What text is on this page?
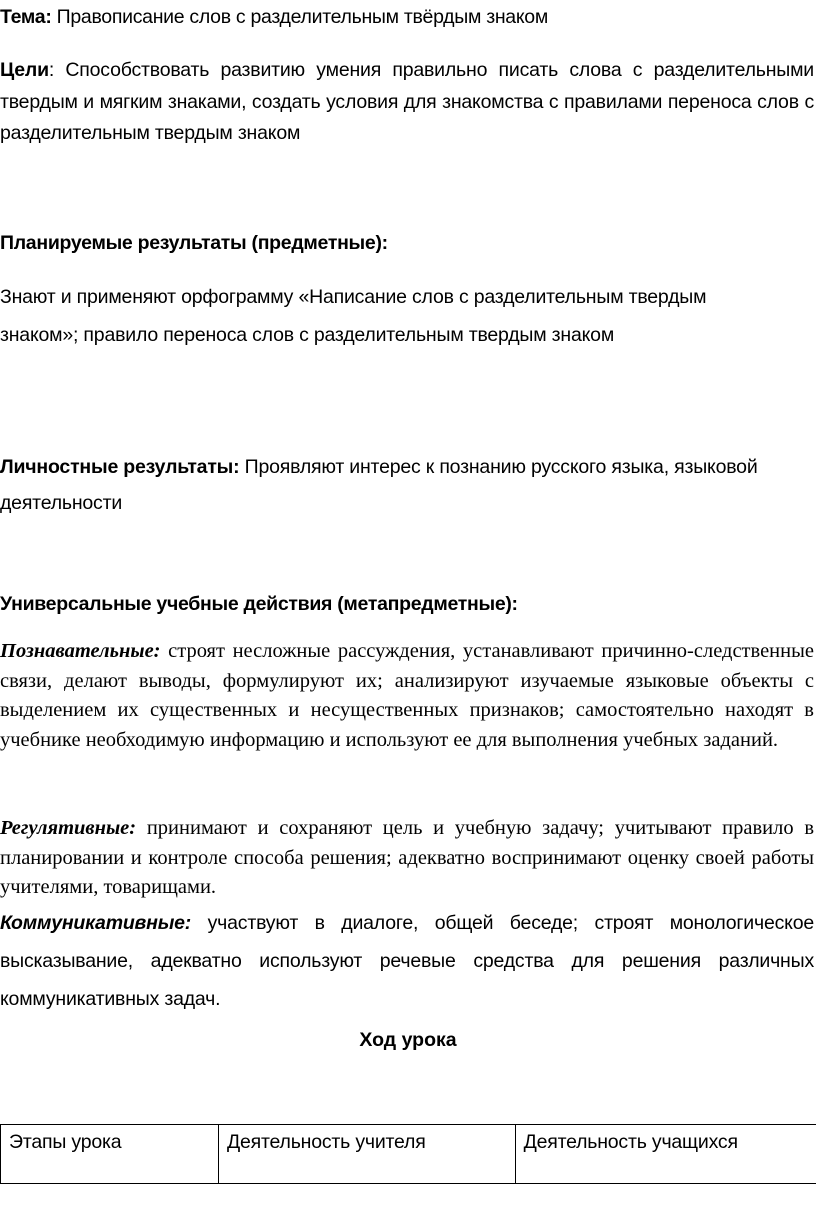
Тема: Правописание слов с разделительным твёрдым знаком

Цели: Способствовать развитию умения правильно писать слова с разделительными твердым и мягким знаками, создать условия для знакомства с правилами переноса слов с разделительным твердым знаком

Планируемые результаты (предметные):

Знают и применяют орфограмму «Написание слов с разделительным твердым знаком»; правило переноса слов с разделительным твердым знаком

Личностные результаты: Проявляют интерес к познанию русского языка, языковой деятельности

Универсальные учебные действия (метапредметные):

Познавательные: строят несложные рассуждения, устанавливают причинно-следственные связи, делают выводы, формулируют их; анализируют изучаемые языковые объекты с выделением их существенных и несущественных признаков; самостоятельно находят в учебнике необходимую информацию и используют ее для выполнения учебных заданий.

Регулятивные: принимают и сохраняют цель и учебную задачу; учитывают правило в планировании и контроле способа решения; адекватно воспринимают оценку своей работы учителями, товарищами.

Коммуникативные: участвуют в диалоге, общей беседе; строят монологическое высказывание, адекватно используют речевые средства для решения различных коммуникативных задач.

Ход урока
Этапы урока	Деятельность учителя	Деятельность учащихся
